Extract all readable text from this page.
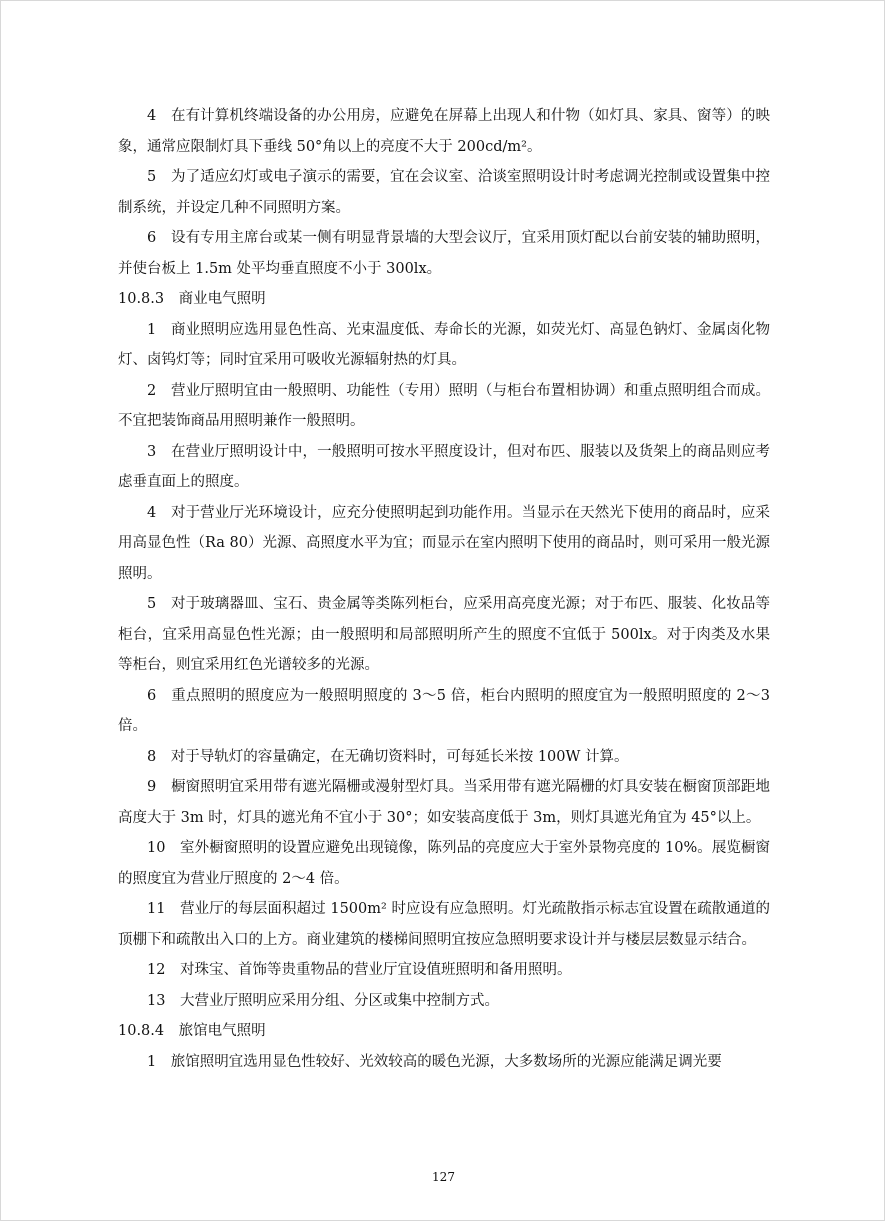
4　在有计算机终端设备的办公用房，应避免在屏幕上出现人和什物（如灯具、家具、窗等）的映象，通常应限制灯具下垂线 50°角以上的亮度不大于 200cd/m²。

5　为了适应幻灯或电子演示的需要，宜在会议室、洽谈室照明设计时考虑调光控制或设置集中控制系统，并设定几种不同照明方案。

6　设有专用主席台或某一侧有明显背景墙的大型会议厅，宜采用顶灯配以台前安装的辅助照明，并使台板上 1.5m 处平均垂直照度不小于 300lx。

10.8.3　商业电气照明

1　商业照明应选用显色性高、光束温度低、寿命长的光源，如荧光灯、高显色钠灯、金属卤化物灯、卤钨灯等；同时宜采用可吸收光源辐射热的灯具。

2　营业厅照明宜由一般照明、功能性（专用）照明（与柜台布置相协调）和重点照明组合而成。不宜把装饰商品用照明兼作一般照明。

3　在营业厅照明设计中，一般照明可按水平照度设计，但对布匹、服装以及货架上的商品则应考虑垂直面上的照度。

4　对于营业厅光环境设计，应充分使照明起到功能作用。当显示在天然光下使用的商品时，应采用高显色性（Ra 80）光源、高照度水平为宜；而显示在室内照明下使用的商品时，则可采用一般光源照明。

5　对于玻璃器皿、宝石、贵金属等类陈列柜台，应采用高亮度光源；对于布匹、服装、化妆品等柜台，宜采用高显色性光源；由一般照明和局部照明所产生的照度不宜低于 500lx。对于肉类及水果等柜台，则宜采用红色光谱较多的光源。

6　重点照明的照度应为一般照明照度的 3～5 倍，柜台内照明的照度宜为一般照明照度的 2～3 倍。

8　对于导轨灯的容量确定，在无确切资料时，可每延长米按 100W 计算。

9　橱窗照明宜采用带有遮光隔栅或漫射型灯具。当采用带有遮光隔栅的灯具安装在橱窗顶部距地高度大于 3m 时，灯具的遮光角不宜小于 30°；如安装高度低于 3m，则灯具遮光角宜为 45°以上。

10　室外橱窗照明的设置应避免出现镜像，陈列品的亮度应大于室外景物亮度的 10%。展览橱窗的照度宜为营业厅照度的 2～4 倍。

11　营业厅的每层面积超过 1500m² 时应设有应急照明。灯光疏散指示标志宜设置在疏散通道的顶棚下和疏散出入口的上方。商业建筑的楼梯间照明宜按应急照明要求设计并与楼层层数显示结合。

12　对珠宝、首饰等贵重物品的营业厅宜设值班照明和备用照明。

13　大营业厅照明应采用分组、分区或集中控制方式。

10.8.4　旅馆电气照明

1　旅馆照明宜选用显色性较好、光效较高的暖色光源，大多数场所的光源应能满足调光要

127
